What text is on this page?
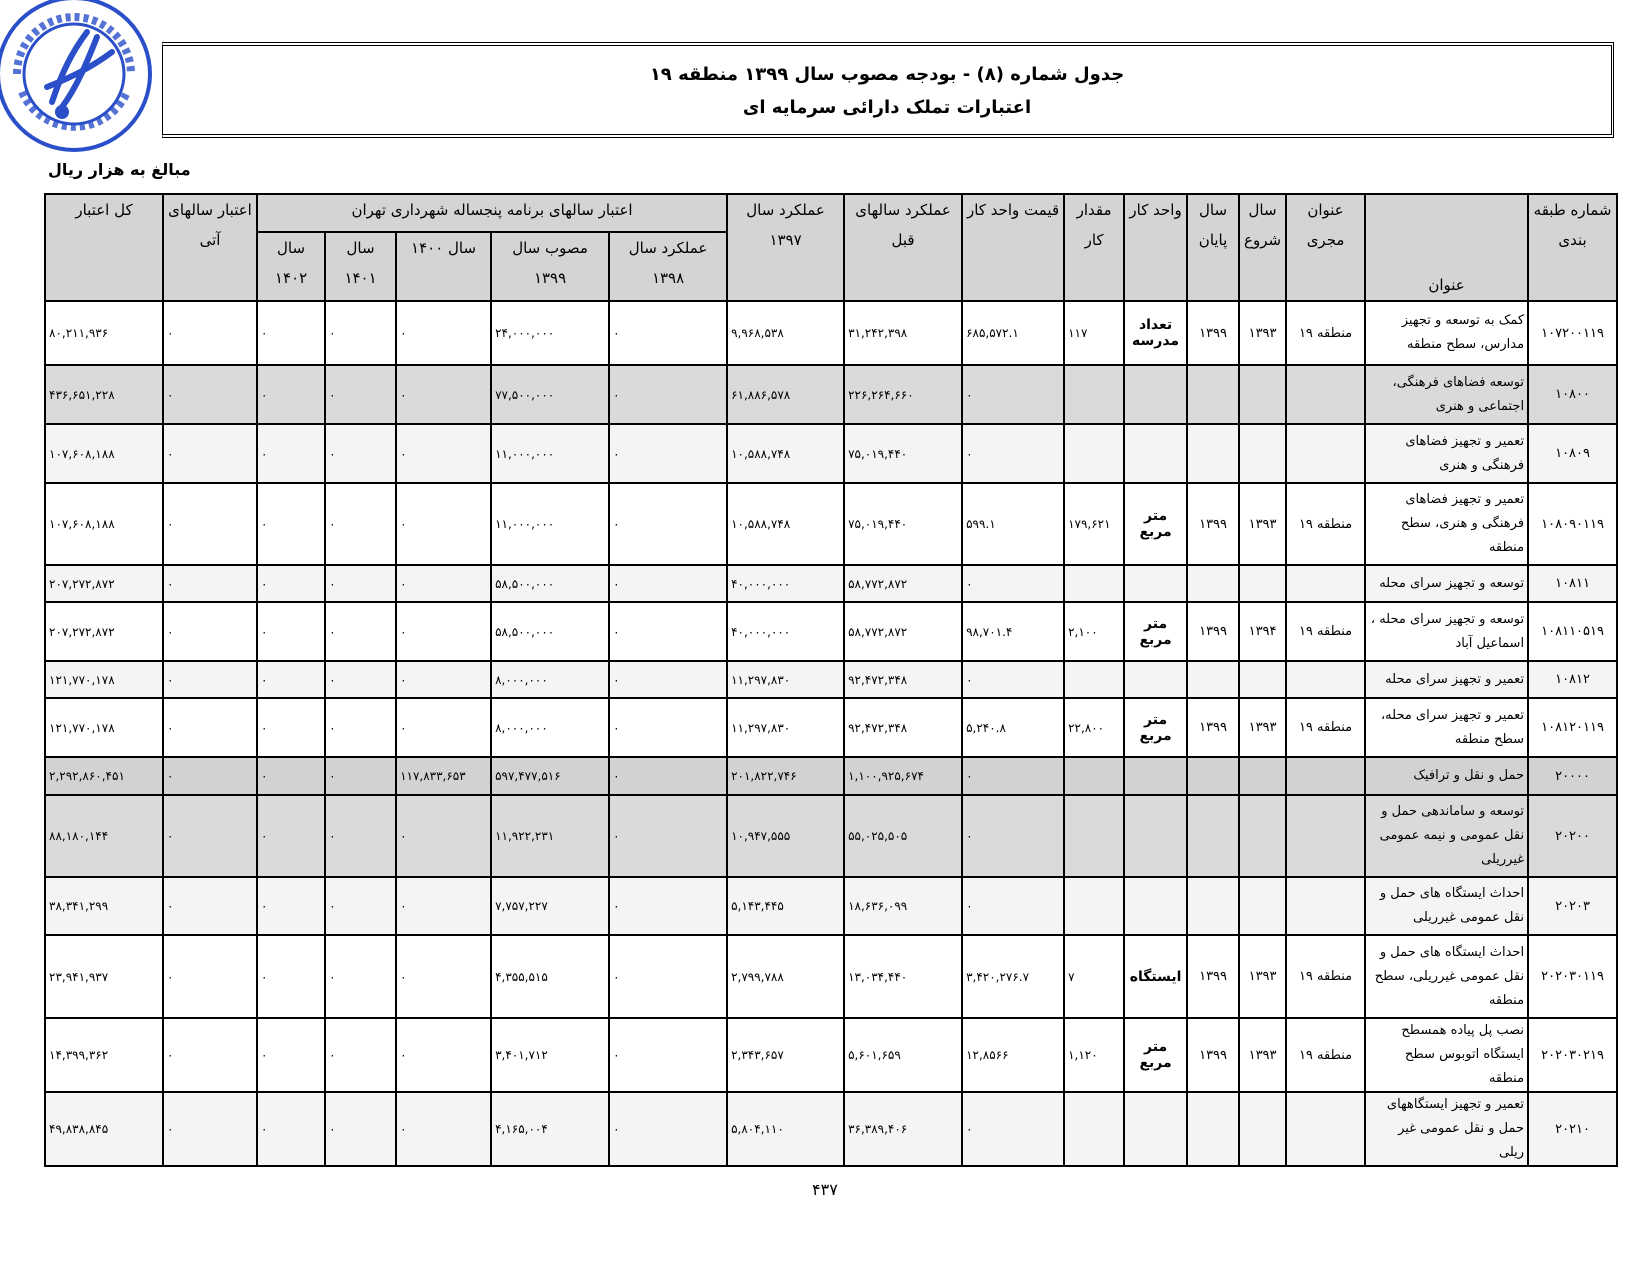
جدول شماره (۸) - بودجه مصوب سال ۱۳۹۹ منطقه ۱۹
اعتبارات تملک دارائی سرمایه ای
مبالغ به هزار ریال
شماره طبقه بندی	عنوان	عنوان مجری	سال شروع	سال پایان	واحد کار	مقدار کار	قیمت واحد کار	عملکرد سالهای قبل	عملکرد سال ۱۳۹۷	اعتبار سالهای برنامه پنجساله شهرداری تهران					اعتبار سالهای آتی	کل اعتبار
										عملکرد سال ۱۳۹۸	مصوب سال ۱۳۹۹	سال ۱۴۰۰	سال ۱۴۰۱	سال ۱۴۰۲		
۱۰۷۲۰۰۱۱۹	کمک به توسعه و تجهیز مدارس، سطح منطقه	منطقه ۱۹	۱۳۹۳	۱۳۹۹	تعداد مدرسه	۱۱۷	۶۸۵,۵۷۲.۱	۳۱,۲۴۲,۳۹۸	۹,۹۶۸,۵۳۸	۰	۲۴,۰۰۰,۰۰۰	۰	۰	۰	۰	۸۰,۲۱۱,۹۳۶
۱۰۸۰۰	توسعه فضاهای فرهنگی، اجتماعی و هنری						۰	۲۲۶,۲۶۴,۶۶۰	۶۱,۸۸۶,۵۷۸	۰	۷۷,۵۰۰,۰۰۰	۰	۰	۰	۰	۴۳۶,۶۵۱,۲۲۸
۱۰۸۰۹	تعمیر و تجهیز فضاهای فرهنگی و هنری						۰	۷۵,۰۱۹,۴۴۰	۱۰,۵۸۸,۷۴۸	۰	۱۱,۰۰۰,۰۰۰	۰	۰	۰	۰	۱۰۷,۶۰۸,۱۸۸
۱۰۸۰۹۰۱۱۹	تعمیر و تجهیز فضاهای فرهنگی و هنری، سطح منطقه	منطقه ۱۹	۱۳۹۳	۱۳۹۹	متر مربع	۱۷۹,۶۲۱	۵۹۹.۱	۷۵,۰۱۹,۴۴۰	۱۰,۵۸۸,۷۴۸	۰	۱۱,۰۰۰,۰۰۰	۰	۰	۰	۰	۱۰۷,۶۰۸,۱۸۸
۱۰۸۱۱	توسعه و تجهیز سرای محله						۰	۵۸,۷۷۲,۸۷۲	۴۰,۰۰۰,۰۰۰	۰	۵۸,۵۰۰,۰۰۰	۰	۰	۰	۰	۲۰۷,۲۷۲,۸۷۲
۱۰۸۱۱۰۵۱۹	توسعه و تجهیز سرای محله ، اسماعیل آباد	منطقه ۱۹	۱۳۹۴	۱۳۹۹	متر مربع	۲,۱۰۰	۹۸,۷۰۱.۴	۵۸,۷۷۲,۸۷۲	۴۰,۰۰۰,۰۰۰	۰	۵۸,۵۰۰,۰۰۰	۰	۰	۰	۰	۲۰۷,۲۷۲,۸۷۲
۱۰۸۱۲	تعمیر و تجهیز سرای محله						۰	۹۲,۴۷۲,۳۴۸	۱۱,۲۹۷,۸۳۰	۰	۸,۰۰۰,۰۰۰	۰	۰	۰	۰	۱۲۱,۷۷۰,۱۷۸
۱۰۸۱۲۰۱۱۹	تعمیر و تجهیز سرای محله، سطح منطقه	منطقه ۱۹	۱۳۹۳	۱۳۹۹	متر مربع	۲۲,۸۰۰	۵,۲۴۰.۸	۹۲,۴۷۲,۳۴۸	۱۱,۲۹۷,۸۳۰	۰	۸,۰۰۰,۰۰۰	۰	۰	۰	۰	۱۲۱,۷۷۰,۱۷۸
۲۰۰۰۰	حمل و نقل و ترافیک						۰	۱,۱۰۰,۹۲۵,۶۷۴	۲۰۱,۸۲۲,۷۴۶	۰	۵۹۷,۴۷۷,۵۱۶	۱۱۷,۸۳۳,۶۵۳	۰	۰	۰	۲,۲۹۲,۸۶۰,۴۵۱
۲۰۲۰۰	توسعه و ساماندهی حمل و نقل عمومی و نیمه عمومی غیرریلی						۰	۵۵,۰۲۵,۵۰۵	۱۰,۹۴۷,۵۵۵	۰	۱۱,۹۲۲,۲۳۱	۰	۰	۰	۰	۸۸,۱۸۰,۱۴۴
۲۰۲۰۳	احداث ایستگاه های حمل و نقل عمومی غیرریلی						۰	۱۸,۶۳۶,۰۹۹	۵,۱۴۳,۴۴۵	۰	۷,۷۵۷,۲۲۷	۰	۰	۰	۰	۳۸,۳۴۱,۲۹۹
۲۰۲۰۳۰۱۱۹	احداث ایستگاه های حمل و نقل عمومی غیرریلی، سطح منطقه	منطقه ۱۹	۱۳۹۳	۱۳۹۹	ایستگاه	۷	۳,۴۲۰,۲۷۶.۷	۱۳,۰۳۴,۴۴۰	۲,۷۹۹,۷۸۸	۰	۴,۳۵۵,۵۱۵	۰	۰	۰	۰	۲۳,۹۴۱,۹۳۷
۲۰۲۰۳۰۲۱۹	نصب پل پیاده همسطح ایستگاه اتوبوس سطح منطقه	منطقه ۱۹	۱۳۹۳	۱۳۹۹	متر مربع	۱,۱۲۰	۱۲,۸۵۶۶	۵,۶۰۱,۶۵۹	۲,۳۴۳,۶۵۷	۰	۳,۴۰۱,۷۱۲	۰	۰	۰	۰	۱۴,۳۹۹,۳۶۲
۲۰۲۱۰	تعمیر و تجهیز ایستگاههای حمل و نقل عمومی غیر ریلی						۰	۳۶,۳۸۹,۴۰۶	۵,۸۰۴,۱۱۰	۰	۴,۱۶۵,۰۰۴	۰	۰	۰	۰	۴۹,۸۳۸,۸۴۵
۴۳۷
